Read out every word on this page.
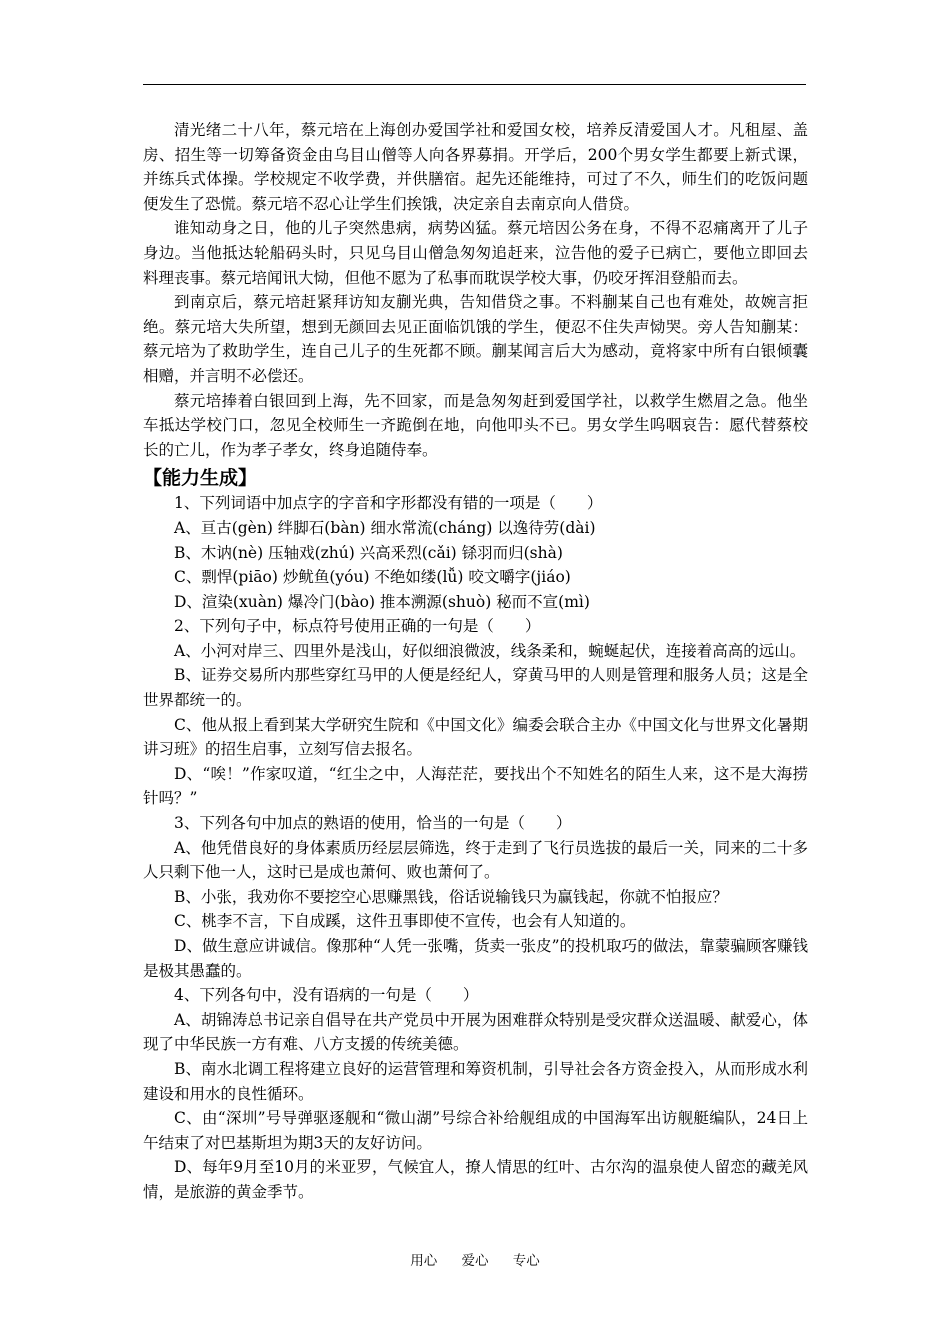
清光绪二十八年，蔡元培在上海创办爱国学社和爱国女校，培养反清爱国人才。凡租屋、盖房、招生等一切筹备资金由乌目山僧等人向各界募捐。开学后，200个男女学生都要上新式课，并练兵式体操。学校规定不收学费，并供膳宿。起先还能维持，可过了不久，师生们的吃饭问题便发生了恐慌。蔡元培不忍心让学生们挨饿，决定亲自去南京向人借贷。

谁知动身之日，他的儿子突然患病，病势凶猛。蔡元培因公务在身，不得不忍痛离开了儿子身边。当他抵达轮船码头时，只见乌目山僧急匆匆追赶来，泣告他的爱子已病亡，要他立即回去料理丧事。蔡元培闻讯大恸，但他不愿为了私事而耽误学校大事，仍咬牙挥泪登船而去。

到南京后，蔡元培赶紧拜访知友蒯光典，告知借贷之事。不料蒯某自己也有难处，故婉言拒绝。蔡元培大失所望，想到无颜回去见正面临饥饿的学生，便忍不住失声恸哭。旁人告知蒯某：蔡元培为了救助学生，连自己儿子的生死都不顾。蒯某闻言后大为感动，竟将家中所有白银倾囊相赠，并言明不必偿还。

蔡元培捧着白银回到上海，先不回家，而是急匆匆赶到爱国学社，以救学生燃眉之急。他坐车抵达学校门口，忽见全校师生一齐跪倒在地，向他叩头不已。男女学生呜咽哀告：愿代替蔡校长的亡儿，作为孝子孝女，终身追随侍奉。

【能力生成】

1、下列词语中加点字的字音和字形都没有错的一项是（　　）

A、亘古(gèn) 绊脚石(bàn) 细水常流(cháng) 以逸待劳(dài)

B、木讷(nè) 压轴戏(zhú) 兴高釆烈(cǎi) 铩羽而归(shà)

C、剽悍(piāo) 炒鱿鱼(yóu) 不绝如缕(lǚ) 咬文嚼字(jiáo)

D、渲染(xuàn) 爆冷门(bào) 推本溯源(shuò) 秘而不宣(mì)

2、下列句子中，标点符号使用正确的一句是（　　）

A、小河对岸三、四里外是浅山，好似细浪微波，线条柔和，蜿蜒起伏，连接着高高的远山。

B、证券交易所内那些穿红马甲的人便是经纪人，穿黄马甲的人则是管理和服务人员；这是全世界都统一的。

C、他从报上看到某大学研究生院和《中国文化》编委会联合主办《中国文化与世界文化暑期讲习班》的招生启事，立刻写信去报名。

D、“唉！”作家叹道，“红尘之中，人海茫茫，要找出个不知姓名的陌生人来，这不是大海捞针吗？”

3、下列各句中加点的熟语的使用，恰当的一句是（　　）

A、他凭借良好的身体素质历经层层筛选，终于走到了飞行员选拔的最后一关，同来的二十多人只剩下他一人，这时已是成也萧何、败也萧何了。

B、小张，我劝你不要挖空心思赚黑钱，俗话说输钱只为赢钱起，你就不怕报应？

C、桃李不言，下自成蹊，这件丑事即使不宣传，也会有人知道的。

D、做生意应讲诚信。像那种“人凭一张嘴，货卖一张皮”的投机取巧的做法，靠蒙骗顾客赚钱是极其愚蠢的。

4、下列各句中，没有语病的一句是（　　）

A、胡锦涛总书记亲自倡导在共产党员中开展为困难群众特别是受灾群众送温暖、献爱心，体现了中华民族一方有难、八方支援的传统美德。

B、南水北调工程将建立良好的运营管理和筹资机制，引导社会各方资金投入，从而形成水利建设和用水的良性循环。

C、由“深圳”号导弹驱逐舰和“微山湖”号综合补给舰组成的中国海军出访舰艇编队，24日上午结束了对巴基斯坦为期3天的友好访问。

D、每年9月至10月的米亚罗，气候宜人，撩人情思的红叶、古尔沟的温泉使人留恋的藏羌风情，是旅游的黄金季节。

用心 爱心 专心
